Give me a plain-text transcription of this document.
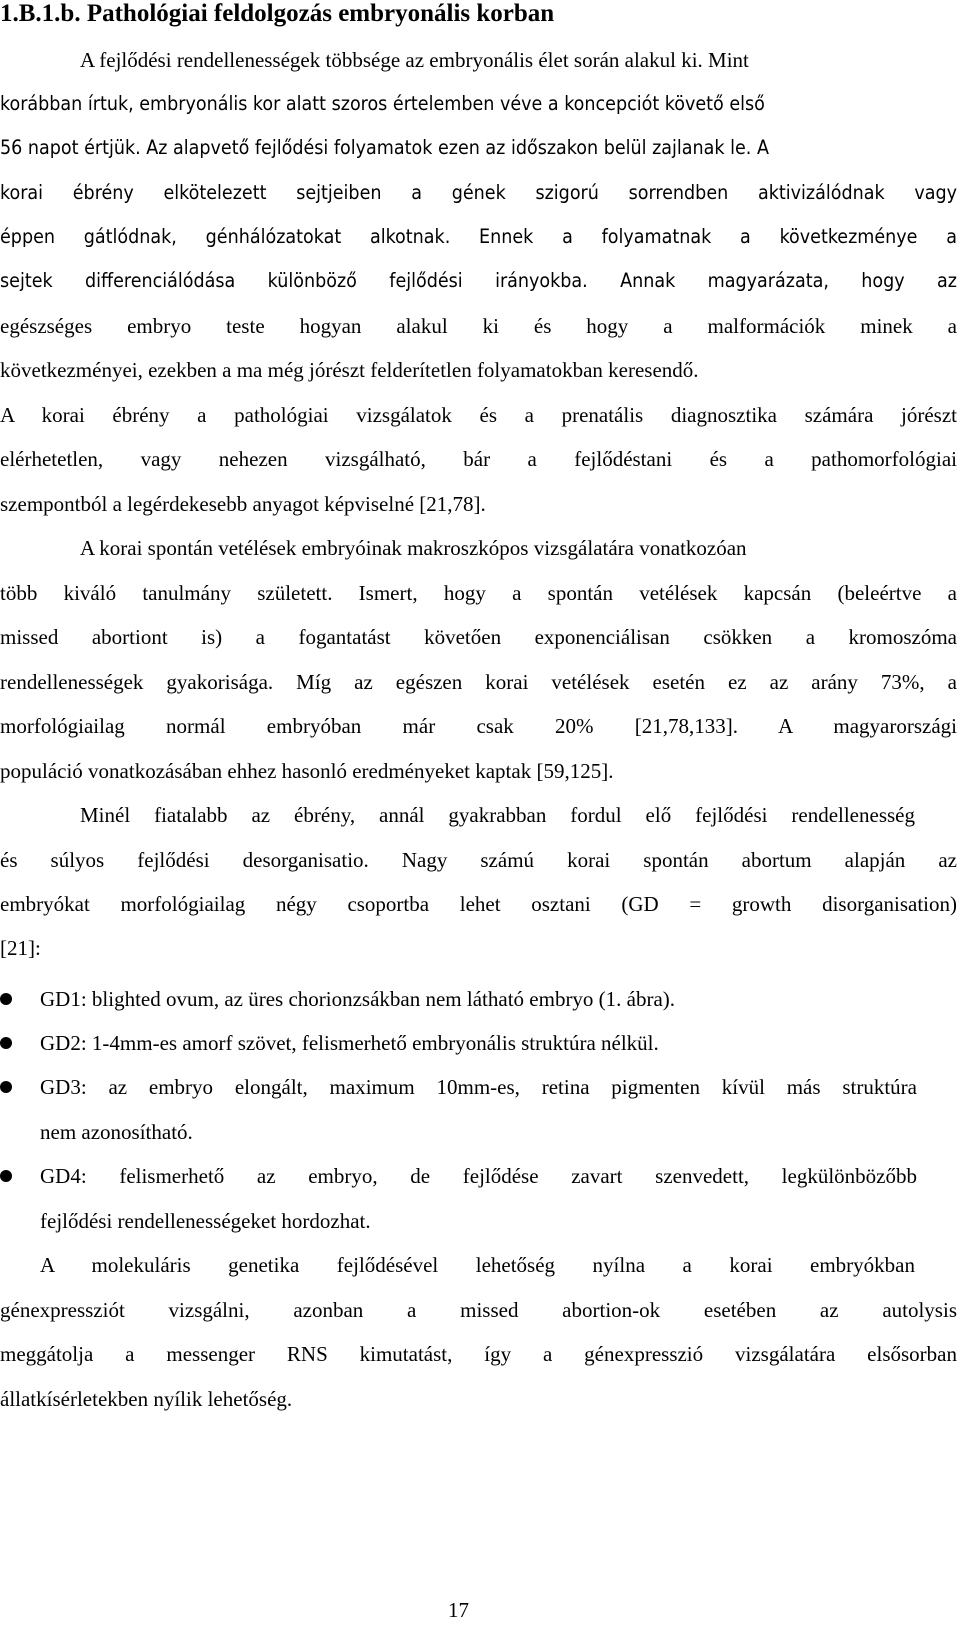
1.B.1.b. Pathológiai feldolgozás embryonális korban
A fejlődési rendellenességek többsége az embryonális élet során alakul ki. Mint
korábban írtuk, embryonális kor alatt szoros értelemben véve a koncepciót követő első
56 napot értjük. Az alapvető fejlődési folyamatok ezen az időszakon belül zajlanak le. A
korai ébrény elkötelezett sejtjeiben a gének szigorú sorrendben aktivizálódnak vagy
éppen gátlódnak, génhálózatokat alkotnak. Ennek a folyamatnak a következménye a
sejtek differenciálódása különböző fejlődési irányokba. Annak magyarázata, hogy az
egészséges embryo teste hogyan alakul ki és hogy a malformációk minek a
következményei, ezekben a ma még jórészt felderítetlen folyamatokban keresendő.
A korai ébrény a pathológiai vizsgálatok és a prenatális diagnosztika számára jórészt
elérhetetlen, vagy nehezen vizsgálható, bár a fejlődéstani és a pathomorfológiai
szempontból a legérdekesebb anyagot képviselné [21,78].
A korai spontán vetélések embryóinak makroszkópos vizsgálatára vonatkozóan
több kiváló tanulmány született. Ismert, hogy a spontán vetélések kapcsán (beleértve a
missed abortiont is) a fogantatást követően exponenciálisan csökken a kromoszóma
rendellenességek gyakorisága. Míg az egészen korai vetélések esetén ez az arány 73%, a
morfológiailag normál embryóban már csak 20% [21,78,133]. A magyarországi
populáció vonatkozásában ehhez hasonló eredményeket kaptak [59,125].
Minél fiatalabb az ébrény, annál gyakrabban fordul elő fejlődési rendellenesség
és súlyos fejlődési desorganisatio. Nagy számú korai spontán abortum alapján az
embryókat morfológiailag négy csoportba lehet osztani (GD = growth disorganisation)
[21]:
GD1: blighted ovum, az üres chorionzsákban nem látható embryo (1. ábra).
GD2: 1-4mm-es amorf szövet, felismerhető embryonális struktúra nélkül.
GD3: az embryo elongált, maximum 10mm-es, retina pigmenten kívül más struktúra
nem azonosítható.
GD4: felismerhető az embryo, de fejlődése zavart szenvedett, legkülönbözőbb
fejlődési rendellenességeket hordozhat.
A molekuláris genetika fejlődésével lehetőség nyílna a korai embryókban
génexpressziót vizsgálni, azonban a missed abortion-ok esetében az autolysis
meggátolja a messenger RNS kimutatást, így a génexpresszió vizsgálatára elsősorban
állatkísérletekben nyílik lehetőség.
17
